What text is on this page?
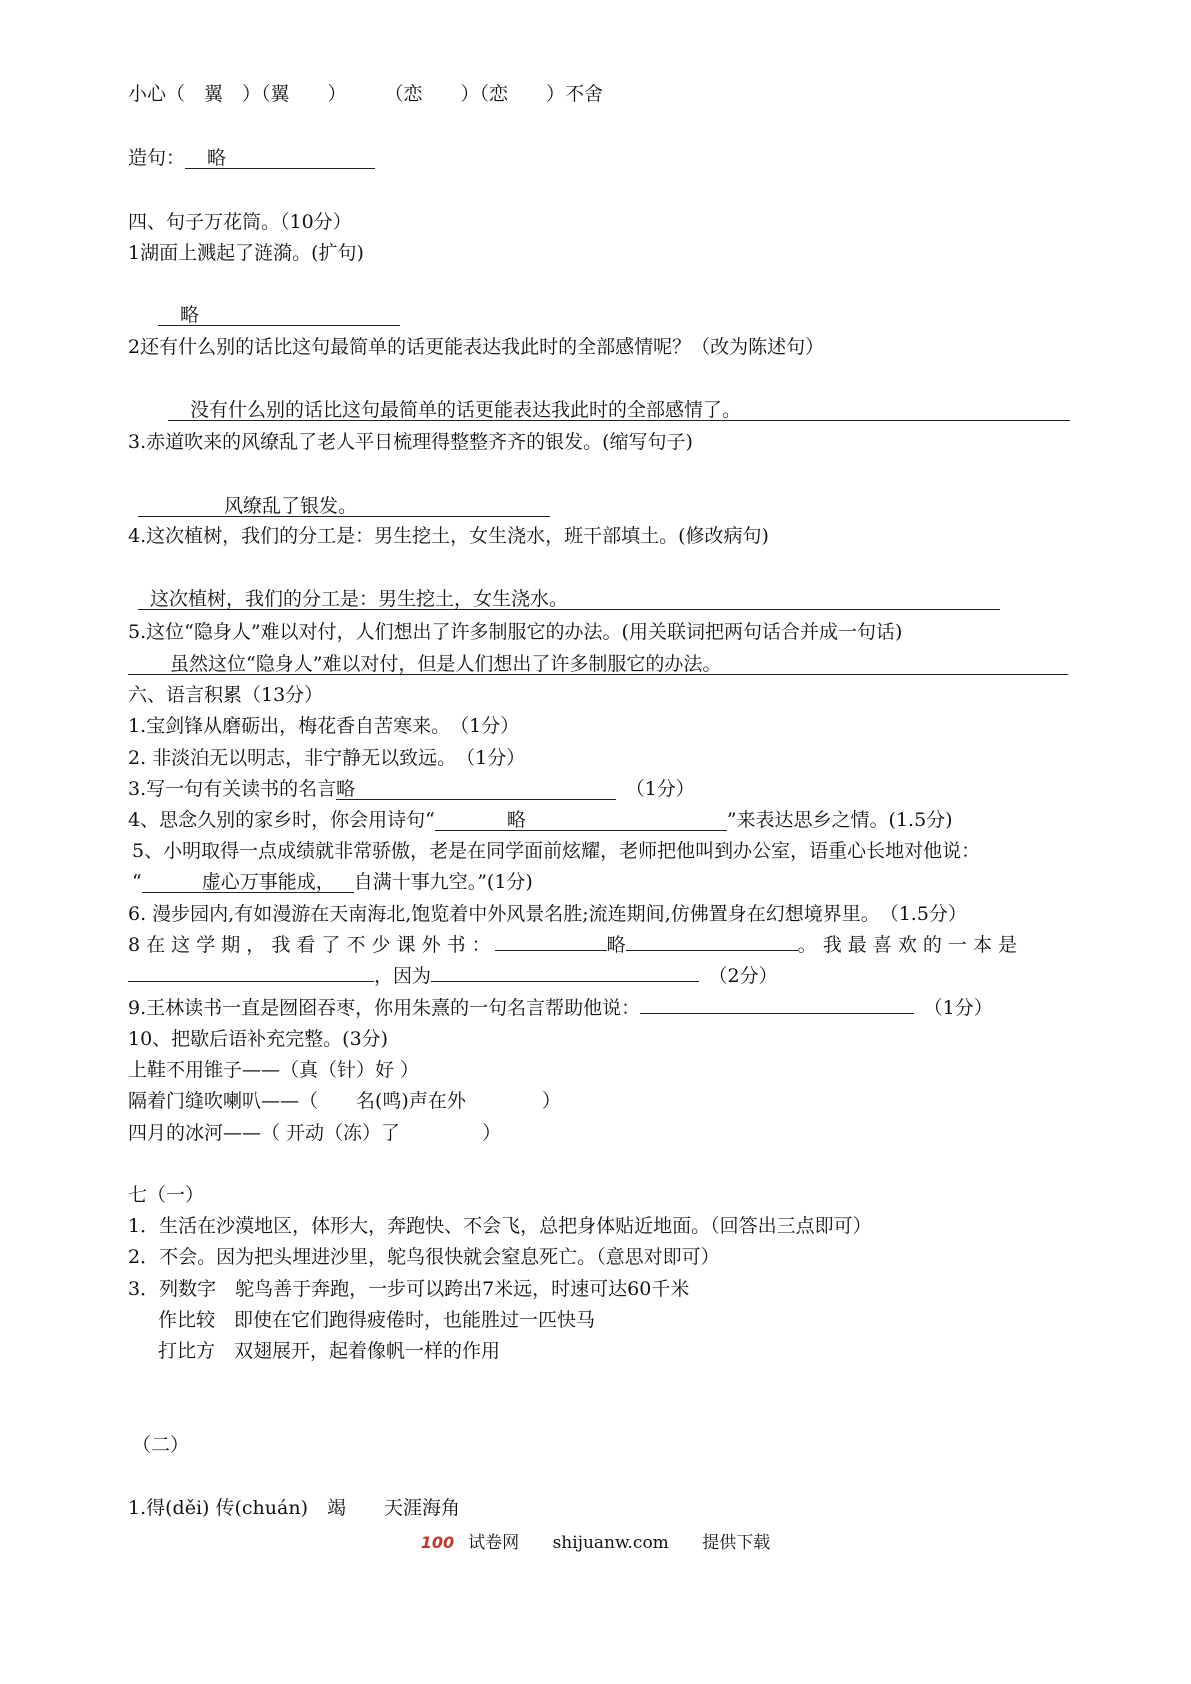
小心（　翼　）（翼　　）　　　（恋　　）（恋　　）不舍
造句： 略
四、句子万花筒。（10分）
1湖面上溅起了涟漪。(扩句)
略
2还有什么别的话比这句最简单的话更能表达我此时的全部感情呢？（改为陈述句）
没有什么别的话比这句最简单的话更能表达我此时的全部感情了。
3.赤道吹来的风缭乱了老人平日梳理得整整齐齐的银发。(缩写句子)
风缭乱了银发。
4.这次植树，我们的分工是：男生挖土，女生浇水，班干部填土。(修改病句)
这次植树，我们的分工是：男生挖土，女生浇水。
5.这位“隐身人”难以对付，人们想出了许多制服它的办法。(用关联词把两句话合并成一句话)
虽然这位“隐身人”难以对付，但是人们想出了许多制服它的办法。
六、语言积累（13分）
1.宝剑锋从磨砺出，梅花香自苦寒来。　（1分）
2. 非淡泊无以明志，非宁静无以致远。　（1分）
3.写一句有关读书的名言略	　（1分）
4、思念久别的家乡时，你会用诗句“	略	”来表达思乡之情。(1.5分)
5、小明取得一点成绩就非常骄傲，老是在同学面前炫耀，老师把他叫到办公室，语重心长地对他说：
“	虚心万事能成， 自满十事九空。”(1分)
6. 漫步园内,有如漫游在天南海北,饱览着中外风景名胜;流连期间,仿佛置身在幻想境界里。　（1.5分）
8 在 这 学 期 ， 我 看 了 不 少 课 外 书 ：	略	。 我 最 喜 欢 的 一 本 是
，因为	　（2分）
9.王林读书一直是囫囵吞枣，你用朱熹的一句名言帮助他说：	　（1分）
10、把歇后语补充完整。(3分)
上鞋不用锥子——（真（针）好 ）
隔着门缝吹喇叭——（　　名(鸣)声在外　　　　）
四月的冰河——（ 开动（冻）了　　　　 ）
七（一）
1．生活在沙漠地区，体形大，奔跑快、不会飞，总把身体贴近地面。（回答出三点即可）
2．不会。因为把头埋进沙里，鸵鸟很快就会窒息死亡。（意思对即可）
3．列数字　鸵鸟善于奔跑，一步可以跨出7米远，时速可达60千米
作比较　即使在它们跑得疲倦时，也能胜过一匹快马
打比方　双翅展开，起着像帆一样的作用
（二）
1.得(děi) 传(chuán)　竭　　天涯海角
100 试卷网 shijuanw.com 提供下载
